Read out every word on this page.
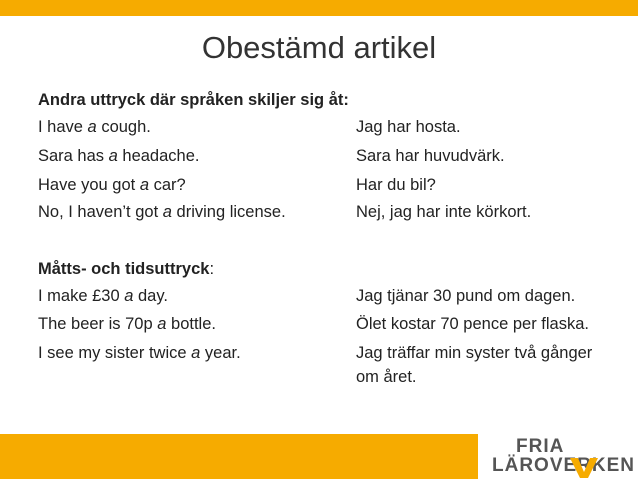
Obestämd artikel
Andra uttryck där språken skiljer sig åt:
I have a cough.	Jag har hosta.
Sara has a headache.	Sara har huvudvärk.
Have you got a car?	Har du bil?
No, I haven’t got a driving license.	Nej, jag har inte körkort.
Måtts- och tidsuttryck:
I make £30 a day.	Jag tjänar 30 pund om dagen.
The beer is 70p a bottle.	Ölet kostar 70 pence per flaska.
I see my sister twice a year.	Jag träffar min syster två gånger
om året.
FRIA
LÄROVERKEN
